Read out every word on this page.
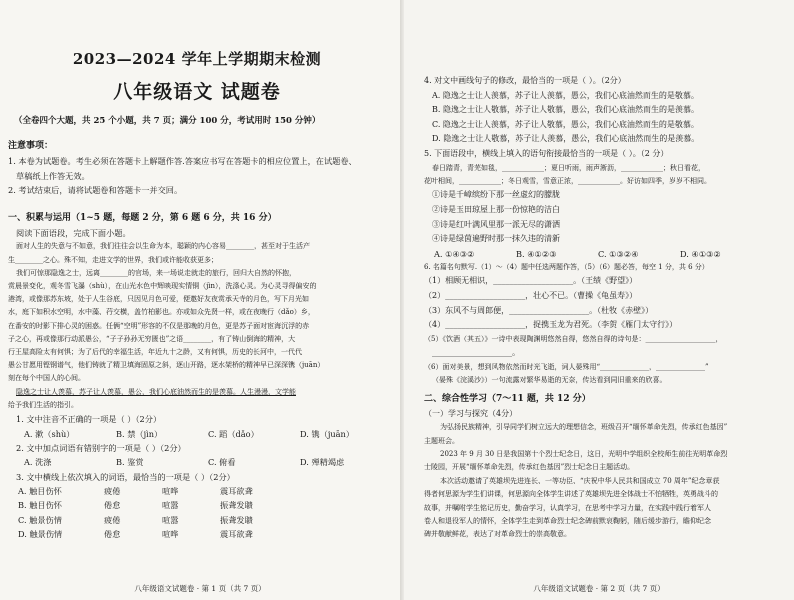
2023—2024 学年上学期期末检测

八年级语文 试题卷

（全卷四个大题，共 25 个小题，共 7 页；满分 100 分，考试用时 150 分钟）

注意事项：

1. 本卷为试题卷。考生必须在答题卡上解题作答.答案应书写在答题卡的相应位置上，在试题卷、

草稿纸上作答无效。

2. 考试结束后，请将试题卷和答题卡一并交回。

一、积累与运用（1~5 题，每题 2 分，第 6 题 6 分，共 16 分）

阅读下面语段，完成下面小题。

面对人生的失意与不如意，我们往往会以生命为本，聪颖的内心容易________，甚至对于生活产

生________之心。殊不知，走进文学的世界，我们或许能收获更多；

我们可惊那隐逸之士，远离________的官场，来一场说走就走的旅行，回归大自然的怀抱，

赏晨景变化，观冬雪飞瀑（shù），在山光水色中辉映现实情铜（jìn），洗涤心灵。为心灵寻得偏安的

港湾，或像那苏东坡，处于人生谷底，只因见月色可爱，便邀好友夜赏承天寺的月色，写下月光如

水，庭下如积水空明，水中藻、荇交横，盖竹柏影也。亦或如众先贤一样，或在夜晚行（dǎo）乡，

在番安的时影下排心灵的困惑。任俩“空明”形容的不仅是那晚的月色，更是苏子面对宦海沉浮的赤

子之心，再或像那行动派愚公，“子子孙孙无穷匮也”之语________，有了铸山倒海的精神，大

行王屋高险太有何惧；为了后代的幸福生活，年近九十之龄，又有何惧，历史的长河中，一代代

愚公甘愿用铿钢谱气，他们铸就了精卫填海固原之斜，逐山开路，逐水架桥的精神早已深深镌（juān）

刻在每个中国人的心间。

隐逸之士让人羡慕，苏子让人羡慕，愚公，我们心底油然而生的是羡慕。人生漫漫，文学能

给予我们生活的指引。

1. 文中注音不正确的一项是（ ）（2分）

A. 漱（shù）	B. 禁（jìn）	C. 蹈（dǎo）	D. 镌（juān）

2. 文中加点词语有错别字的一项是（ ）（2分）

A. 洗涤	B. 鉴赏	C. 俯看	D. 殚精竭虑

3. 文中横线上依次填入的词语，最恰当的一项是（ ）（2分）

A. 触目伤怀	疲倦	喧哗	震耳欲聋
B. 触目伤怀	倦怠	喧嚣	振聋发聩
C. 触景伤情	疲倦	喧嚣	振聋发聩
D. 触景伤情	倦怠	喧哗	震耳欲聋
八年级语文试题卷 · 第 1 页（共 7 页）

4. 对文中画线句子的修改，最恰当的一项是（ ）。（2分）

A. 隐逸之士让人羡慕，苏子让人羡慕，愚公，我们心底油然而生的是敬慕。

B. 隐逸之士让人敬慕，苏子让人敬慕，愚公，我们心底油然而生的是羡慕。

C. 隐逸之士让人羡慕，苏子让人敬慕，愚公，我们心底油然而生的是敬慕。

D. 隐逸之士让人敬慕，苏子让人羡慕，愚公，我们心底油然而生的是羡慕。

5. 下面语段中，横线上填入的语句衔接最恰当的一项是（ ）。（2 分）

春日踏青，青芜如毯，____________；夏日听雨，雨声淅沥，____________；秋日看花，

花叶相间，____________；冬日观雪，雪意正浓，____________。好访如四季，岁岁不相同。

①诗是千嶂缤纷下那一丝虚幻的朦胧

②诗是玉田琼屋上那一份惊艳的洁白

③诗是红叶满风里那一派无尽的潇洒

④诗是绿茵遍野时那一抹久违的清新

A. ①④③②	B. ④①②③	C. ①③②④	D. ④①③②

6. 名篇名句默写.（1）～（4）题中任选两题作答，（5）（6）题必答，每空 1 分，共 6 分）

（1）相顾无相识，____________________。（王绩《野望》）

（2）____________________，壮心不已。（曹操《龟虽寿》）

（3）东风不与周郎便，____________________。（杜牧《赤壁》）

（4）____________________，捉携玉龙为君死。（李贺《雁门太守行》）

（5）《饮酒（其五）》一诗中表现陶渊明悠然自得，悠然自得的诗句是：____________________，

____________________。

（6）面对美景，想到风物依然而时光飞逝，词人晏殊用“______________，______________”

（晏殊《浣溪沙》）一句流露对繁华易逝的无奈，传达看到同旧重来的欣喜。

二、综合性学习（7～11 题，共 12 分）

（一）学习与探究（4分）

为弘扬民族精神，引导同学们树立远大的理想信念，班级召开“缅怀革命先烈，传承红色基因”

主题班会。

2023 年 9 月 30 日是我国第十个烈士纪念日，这日，光明中学组织全校师生前往光明革命烈

士陵园，开展“缅怀革命先烈，传承红色基因”烈士纪念日主题活动。

本次活动邀请了英雄坝先进连长、一等功臣、“庆祝中华人民共和国成立 70 周年”纪念章获

得者何思源为学生们讲课，何思源向全体学生讲述了英雄坝先进全体战士不怕牺牲，英勇战斗的

故事，并嘱咐学生铭记历史，勤奋学习，认真学习，在思考中学习力量，在实践中践行着军人

卷人和退役军人的情怀，全体学生走到革命烈士纪念碑前默哀鞠躬，随后缓步游行，瞻仰纪念

碑并敬献鲜花，表达了对革命烈士的崇高敬意。

八年级语文试题卷 · 第 2 页（共 7 页）
